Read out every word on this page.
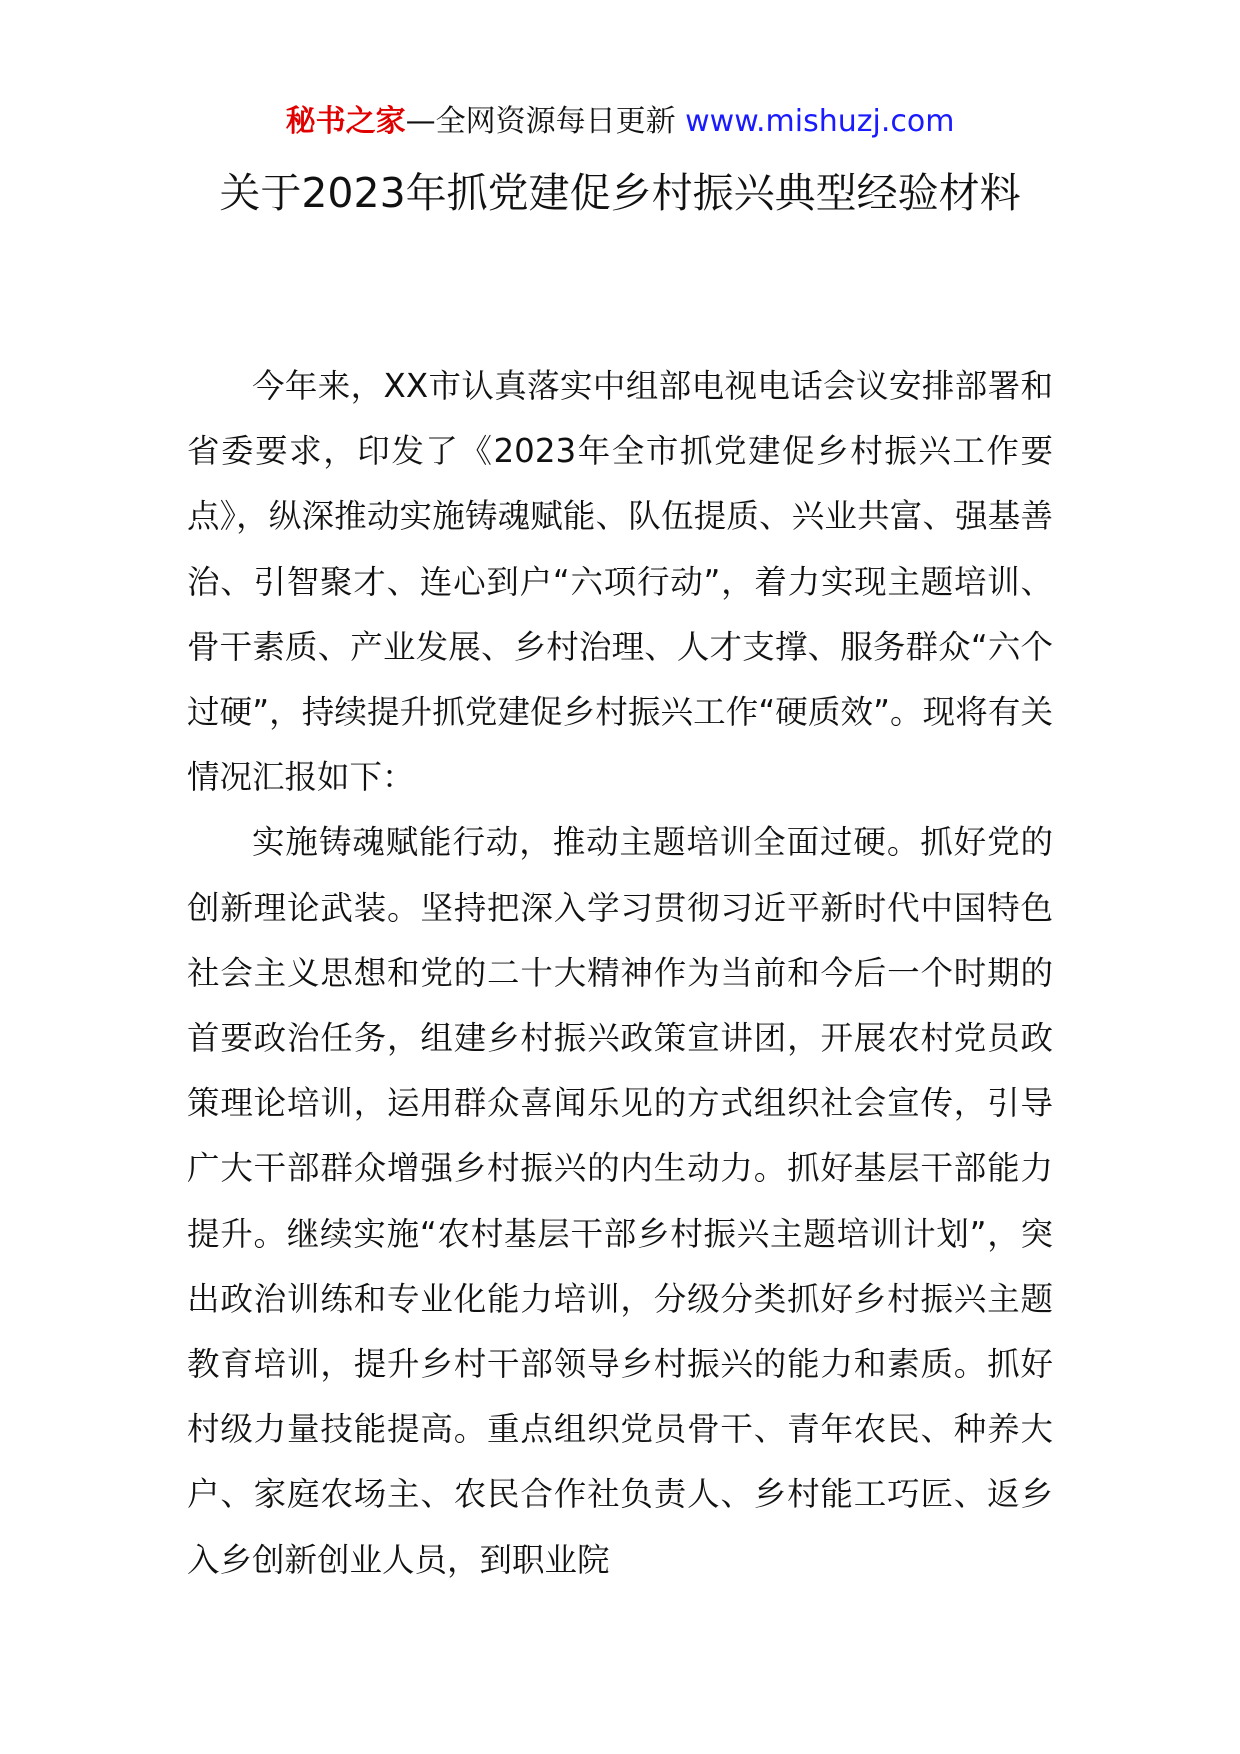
秘书之家—全网资源每日更新 www.mishuzj.com
关于2023年抓党建促乡村振兴典型经验材料

今年来，XX市认真落实中组部电视电话会议安排部署和省委要求，印发了《2023年全市抓党建促乡村振兴工作要点》，纵深推动实施铸魂赋能、队伍提质、兴业共富、强基善治、引智聚才、连心到户“六项行动”，着力实现主题培训、骨干素质、产业发展、乡村治理、人才支撑、服务群众“六个过硬”，持续提升抓党建促乡村振兴工作“硬质效”。现将有关情况汇报如下：

实施铸魂赋能行动，推动主题培训全面过硬。抓好党的创新理论武装。坚持把深入学习贯彻习近平新时代中国特色社会主义思想和党的二十大精神作为当前和今后一个时期的首要政治任务，组建乡村振兴政策宣讲团，开展农村党员政策理论培训，运用群众喜闻乐见的方式组织社会宣传，引导广大干部群众增强乡村振兴的内生动力。抓好基层干部能力提升。继续实施“农村基层干部乡村振兴主题培训计划”，突出政治训练和专业化能力培训，分级分类抓好乡村振兴主题教育培训，提升乡村干部领导乡村振兴的能力和素质。抓好村级力量技能提高。重点组织党员骨干、青年农民、种养大户、家庭农场主、农民合作社负责人、乡村能工巧匠、返乡入乡创新创业人员，到职业院
